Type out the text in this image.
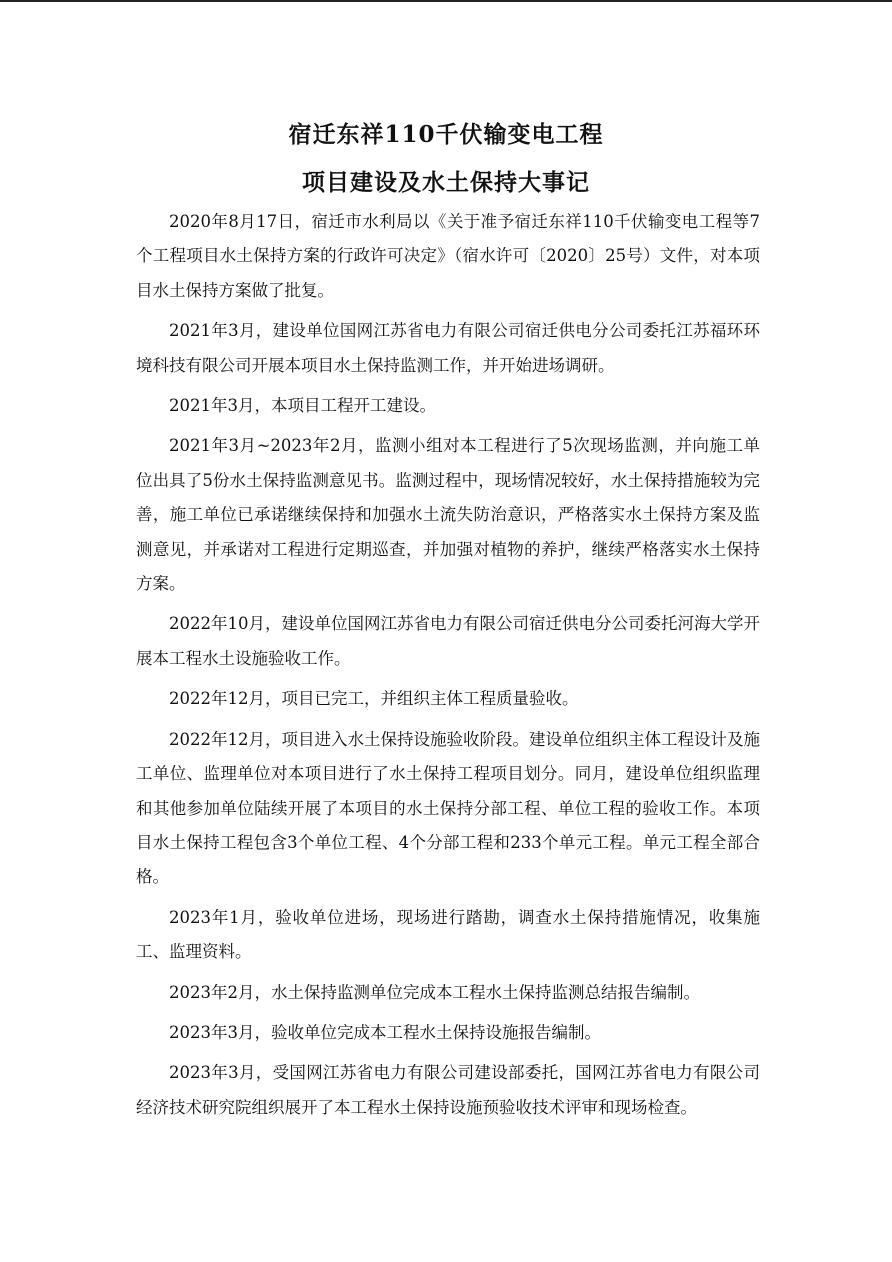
宿迁东祥110千伏输变电工程
项目建设及水土保持大事记

2020年8月17日，宿迁市水利局以《关于准予宿迁东祥110千伏输变电工程等7个工程项目水土保持方案的行政许可决定》（宿水许可〔2020〕25号）文件，对本项目水土保持方案做了批复。

2021年3月，建设单位国网江苏省电力有限公司宿迁供电分公司委托江苏福环环境科技有限公司开展本项目水土保持监测工作，并开始进场调研。

2021年3月，本项目工程开工建设。

2021年3月~2023年2月，监测小组对本工程进行了5次现场监测，并向施工单位出具了5份水土保持监测意见书。监测过程中，现场情况较好，水土保持措施较为完善，施工单位已承诺继续保持和加强水土流失防治意识，严格落实水土保持方案及监测意见，并承诺对工程进行定期巡查，并加强对植物的养护，继续严格落实水土保持方案。

2022年10月，建设单位国网江苏省电力有限公司宿迁供电分公司委托河海大学开展本工程水土设施验收工作。

2022年12月，项目已完工，并组织主体工程质量验收。

2022年12月，项目进入水土保持设施验收阶段。建设单位组织主体工程设计及施工单位、监理单位对本项目进行了水土保持工程项目划分。同月，建设单位组织监理和其他参加单位陆续开展了本项目的水土保持分部工程、单位工程的验收工作。本项目水土保持工程包含3个单位工程、4个分部工程和233个单元工程。单元工程全部合格。

2023年1月，验收单位进场，现场进行踏勘，调查水土保持措施情况，收集施工、监理资料。

2023年2月，水土保持监测单位完成本工程水土保持监测总结报告编制。

2023年3月，验收单位完成本工程水土保持设施报告编制。

2023年3月，受国网江苏省电力有限公司建设部委托，国网江苏省电力有限公司经济技术研究院组织展开了本工程水土保持设施预验收技术评审和现场检查。
